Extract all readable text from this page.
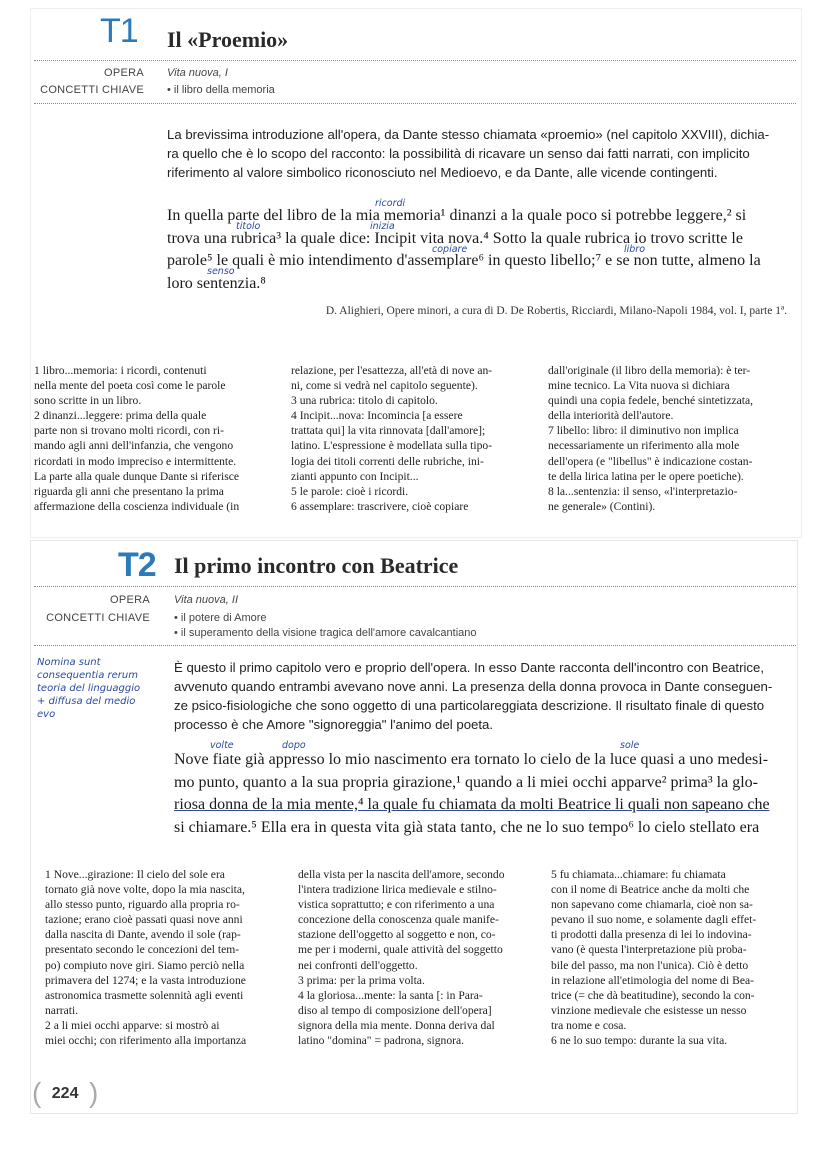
T1 Il «Proemio»
OPERA Vita nuova, I
CONCETTI CHIAVE • il libro della memoria
La brevissima introduzione all'opera, da Dante stesso chiamata «proemio» (nel capitolo XXVIII), dichia-
ra quello che è lo scopo del racconto: la possibilità di ricavare un senso dai fatti narrati, con implicito
riferimento al valore simbolico riconosciuto nel Medioevo, e da Dante, alle vicende contingenti.
ricordi
titolo	inizia
copiare	libro
senso
In quella parte del libro de la mia memoria¹ dinanzi a la quale poco si potrebbe leggere,² si
trova una rubrica³ la quale dice: Incipit vita nova.⁴ Sotto la quale rubrica io trovo scritte le
parole⁵ le quali è mio intendimento d'assemplare⁶ in questo libello;⁷ e se non tutte, almeno la
loro sentenzia.⁸
D. Alighieri, Opere minori, a cura di D. De Robertis, Ricciardi, Milano-Napoli 1984, vol. I, parte 1ª.
1 libro...memoria: i ricordi, contenuti
nella mente del poeta così come le parole
sono scritte in un libro.
2 dinanzi...leggere: prima della quale
parte non si trovano molti ricordi, con ri-
mando agli anni dell'infanzia, che vengono
ricordati in modo impreciso e intermittente.
La parte alla quale dunque Dante si riferisce
riguarda gli anni che presentano la prima
affermazione della coscienza individuale (in
relazione, per l'esattezza, all'età di nove an-
ni, come si vedrà nel capitolo seguente).
3 una rubrica: titolo di capitolo.
4 Incipit...nova: Incomincia [a essere
trattata qui] la vita rinnovata [dall'amore];
latino. L'espressione è modellata sulla tipo-
logia dei titoli correnti delle rubriche, ini-
zianti appunto con Incipit...
5 le parole: cioè i ricordi.
6 assemplare: trascrivere, cioè copiare
dall'originale (il libro della memoria): è ter-
mine tecnico. La Vita nuova si dichiara
quindi una copia fedele, benché sintetizzata,
della interiorità dell'autore.
7 libello: libro: il diminutivo non implica
necessariamente un riferimento alla mole
dell'opera (e "libellus" è indicazione costan-
te della lirica latina per le opere poetiche).
8 la...sentenzia: il senso, «l'interpretazio-
ne generale» (Contini).
T2 Il primo incontro con Beatrice
OPERA Vita nuova, II
CONCETTI CHIAVE • il potere di Amore
• il superamento della visione tragica dell'amore cavalcantiano
Nomina sunt
consequentia rerum
teoria del linguaggio
+ diffusa del medio
evo
È questo il primo capitolo vero e proprio dell'opera. In esso Dante racconta dell'incontro con Beatrice,
avvenuto quando entrambi avevano nove anni. La presenza della donna provoca in Dante conseguen-
ze psico-fisiologiche che sono oggetto di una particolareggiata descrizione. Il risultato finale di questo
processo è che Amore "signoreggia" l'animo del poeta.
volte	dopo	sole
Nove fiate già appresso lo mio nascimento era tornato lo cielo de la luce quasi a uno medesi-
mo punto, quanto a la sua propria girazione,¹ quando a li miei occhi apparve² prima³ la glo-
riosa donna de la mia mente,⁴ la quale fu chiamata da molti Beatrice li quali non sapeano che
si chiamare.⁵ Ella era in questa vita già stata tanto, che ne lo suo tempo⁶ lo cielo stellato era
1 Nove...girazione: Il cielo del sole era
tornato già nove volte, dopo la mia nascita,
allo stesso punto, riguardo alla propria ro-
tazione; erano cioè passati quasi nove anni
dalla nascita di Dante, avendo il sole (rap-
presentato secondo le concezioni del tem-
po) compiuto nove giri. Siamo perciò nella
primavera del 1274; e la vasta introduzione
astronomica trasmette solennità agli eventi
narrati.
2 a li miei occhi apparve: si mostrò ai
miei occhi; con riferimento alla importanza
della vista per la nascita dell'amore, secondo
l'intera tradizione lirica medievale e stilno-
vistica soprattutto; e con riferimento a una
concezione della conoscenza quale manife-
stazione dell'oggetto al soggetto e non, co-
me per i moderni, quale attività del soggetto
nei confronti dell'oggetto.
3 prima: per la prima volta.
4 la gloriosa...mente: la santa [: in Para-
diso al tempo di composizione dell'opera]
signora della mia mente. Donna deriva dal
latino "domina" = padrona, signora.
5 fu chiamata...chiamare: fu chiamata
con il nome di Beatrice anche da molti che
non sapevano come chiamarla, cioè non sa-
pevano il suo nome, e solamente dagli effet-
ti prodotti dalla presenza di lei lo indovina-
vano (è questa l'interpretazione più proba-
bile del passo, ma non l'unica). Ciò è detto
in relazione all'etimologia del nome di Bea-
trice (= che dà beatitudine), secondo la con-
vinzione medievale che esistesse un nesso
tra nome e cosa.
6 ne lo suo tempo: durante la sua vita.
( 224 )
